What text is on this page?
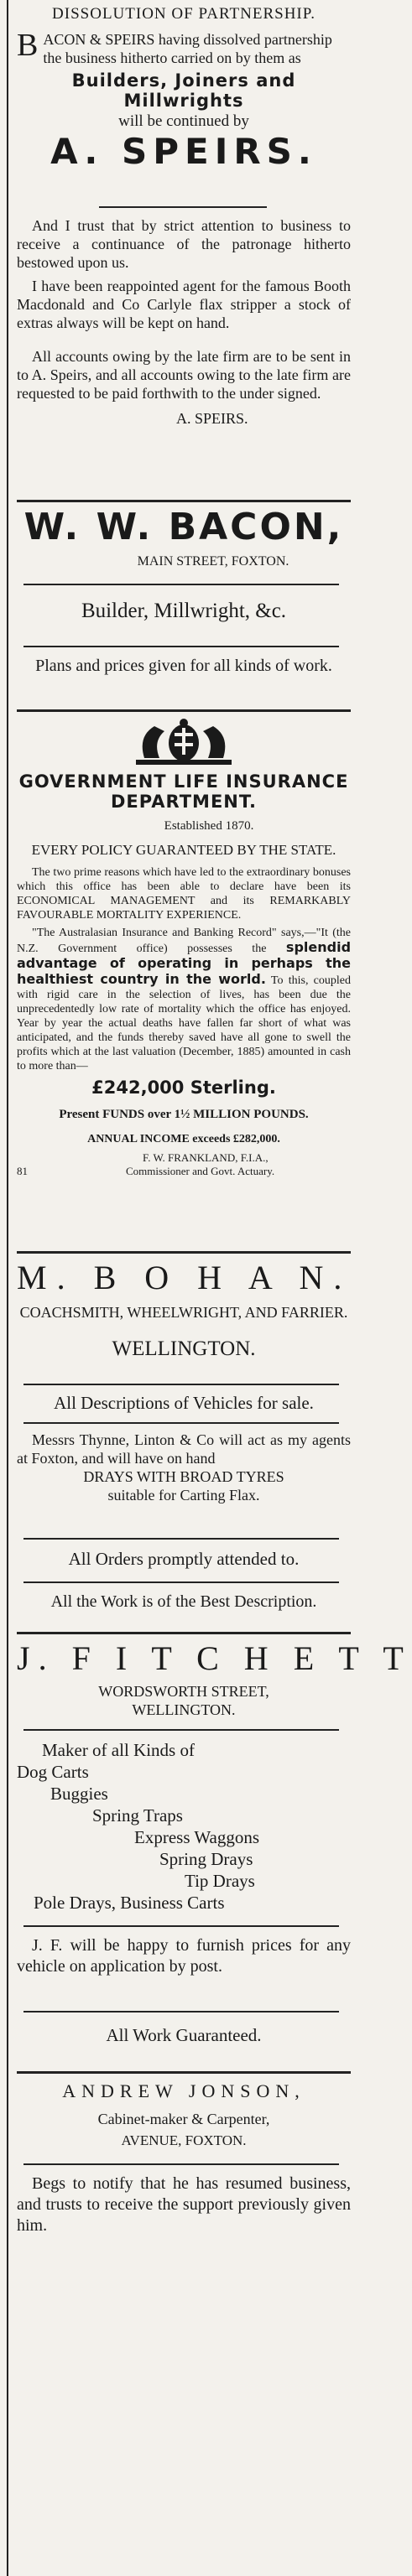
DISSOLUTION OF PARTNERSHIP.

BACON & SPEIRS having dissolved partnership the business hitherto carried on by them as

Builders, Joiners and Millwrights
will be continued by
A. SPEIRS.

And I trust that by strict attention to business to receive a continuance of the patronage hitherto bestowed upon us.

I have been reappointed agent for the famous Booth Macdonald and Co Carlyle flax stripper a stock of extras always will be kept on hand.

All accounts owing by the late firm are to be sent in to A. Speirs, and all accounts owing to the late firm are requested to be paid forthwith to the under signed.

A. SPEIRS.
W. W. BACON,
MAIN STREET, FOXTON.
Builder, Millwright, &c.
Plans and prices given for all kinds of work.
GOVERNMENT LIFE INSURANCE DEPARTMENT.
Established 1870.
EVERY POLICY GUARANTEED BY THE STATE.

The two prime reasons which have led to the extraordinary bonuses which this office has been able to declare have been its ECONOMICAL MANAGEMENT and its REMARKABLY FAVOURABLE MORTALITY EXPERIENCE.

"The Australasian Insurance and Banking Record" says,—"It (the N.Z. Government office) possesses the splendid advantage of operating in perhaps the healthiest country in the world. To this, coupled with rigid care in the selection of lives, has been due the unprecedentedly low rate of mortality which the office has enjoyed. Year by year the actual deaths have fallen far short of what was anticipated, and the funds thereby saved have all gone to swell the profits which at the last valuation (December, 1885) amounted in cash to more than—

£242,000 Sterling.
Present FUNDS over 1½ MILLION POUNDS.
ANNUAL INCOME exceeds £282,000.
F. W. FRANKLAND, F.I.A.,
81	Commissioner and Govt. Actuary.
M. B O H A N.
COACHSMITH, WHEELWRIGHT, AND FARRIER.
WELLINGTON.
All Descriptions of Vehicles for sale.

Messrs Thynne, Linton & Co will act as my agents at Foxton, and will have on hand

DRAYS WITH BROAD TYRES
suitable for Carting Flax.
All Orders promptly attended to.
All the Work is of the Best Description.
J. F I T C H E T T
WORDSWORTH STREET,
WELLINGTON.
Maker of all Kinds of
Dog Carts
Buggies
Spring Traps
Express Waggons
Spring Drays
Tip Drays
Pole Drays, Business Carts

J. F. will be happy to furnish prices for any vehicle on application by post.

All Work Guaranteed.
ANDREW JONSON,
Cabinet-maker & Carpenter,
AVENUE, FOXTON.

Begs to notify that he has resumed business, and trusts to receive the support previously given him.
